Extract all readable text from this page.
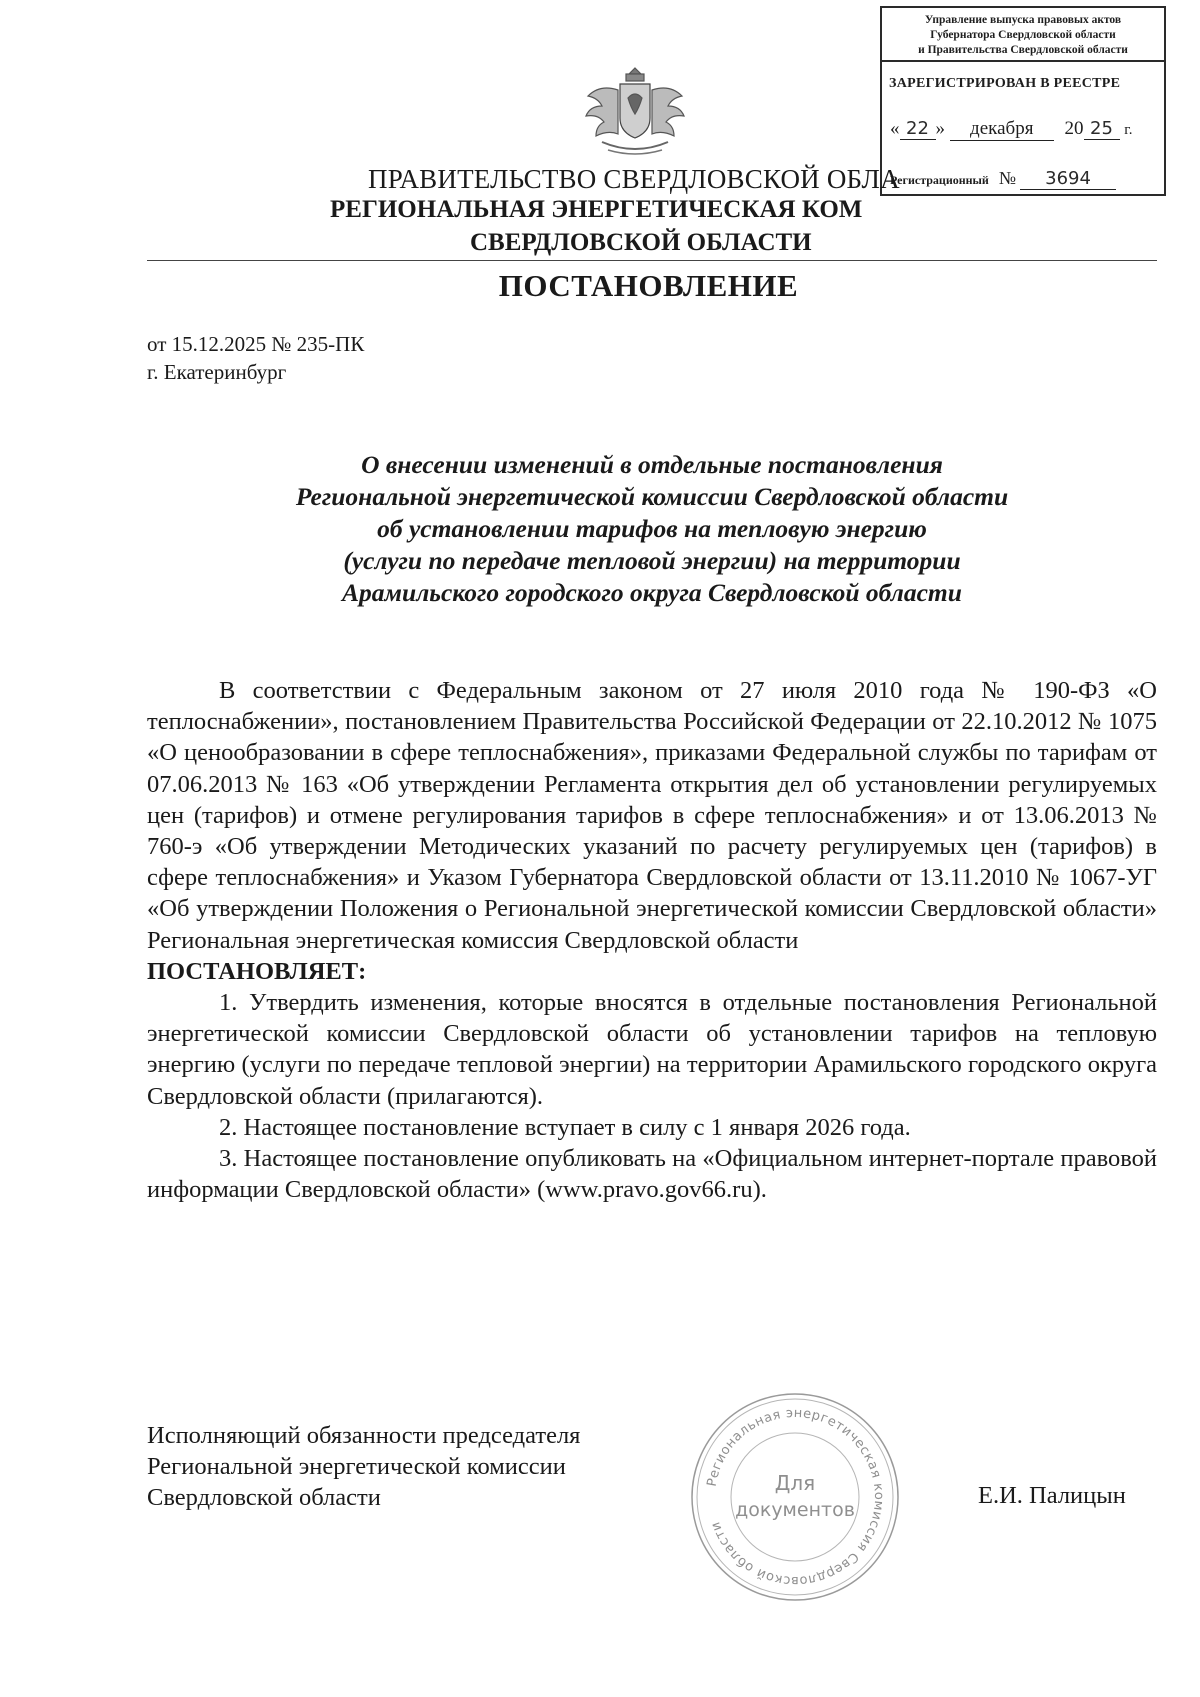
Управление выпуска правовых актов
Губернатора Свердловской области
и Правительства Свердловской области
ЗАРЕГИСТРИРОВАН В РЕЕСТРЕ
« 22 » декабря 20 25 г.
Регистрационный № 3694
ПРАВИТЕЛЬСТВО СВЕРДЛОВСКОЙ ОБЛА
РЕГИОНАЛЬНАЯ ЭНЕРГЕТИЧЕСКАЯ КОМ
СВЕРДЛОВСКОЙ ОБЛАСТИ
ПОСТАНОВЛЕНИЕ
от 15.12.2025 № 235-ПК
г. Екатеринбург
О внесении изменений в отдельные постановления
Региональной энергетической комиссии Свердловской области
об установлении тарифов на тепловую энергию
(услуги по передаче тепловой энергии) на территории
Арамильского городского округа Свердловской области

В соответствии с Федеральным законом от 27 июля 2010 года № 190-ФЗ «О теплоснабжении», постановлением Правительства Российской Федерации от 22.10.2012 № 1075 «О ценообразовании в сфере теплоснабжения», приказами Федеральной службы по тарифам от 07.06.2013 № 163 «Об утверждении Регламента открытия дел об установлении регулируемых цен (тарифов) и отмене регулирования тарифов в сфере теплоснабжения» и от 13.06.2013 № 760-э «Об утверждении Методических указаний по расчету регулируемых цен (тарифов) в сфере теплоснабжения» и Указом Губернатора Свердловской области от 13.11.2010 № 1067-УГ «Об утверждении Положения о Региональной энергетической комиссии Свердловской области» Региональная энергетическая комиссия Свердловской области

ПОСТАНОВЛЯЕТ:

1. Утвердить изменения, которые вносятся в отдельные постановления Региональной энергетической комиссии Свердловской области об установлении тарифов на тепловую энергию (услуги по передаче тепловой энергии) на территории Арамильского городского округа Свердловской области (прилагаются).

2. Настоящее постановление вступает в силу с 1 января 2026 года.

3. Настоящее постановление опубликовать на «Официальном интернет-портале правовой информации Свердловской области» (www.pravo.gov66.ru).

Исполняющий обязанности председателя
Региональной энергетической комиссии
Свердловской области	Е.И. Палицын
Региональная энергетическая комиссия Свердловской области
Для
документов
